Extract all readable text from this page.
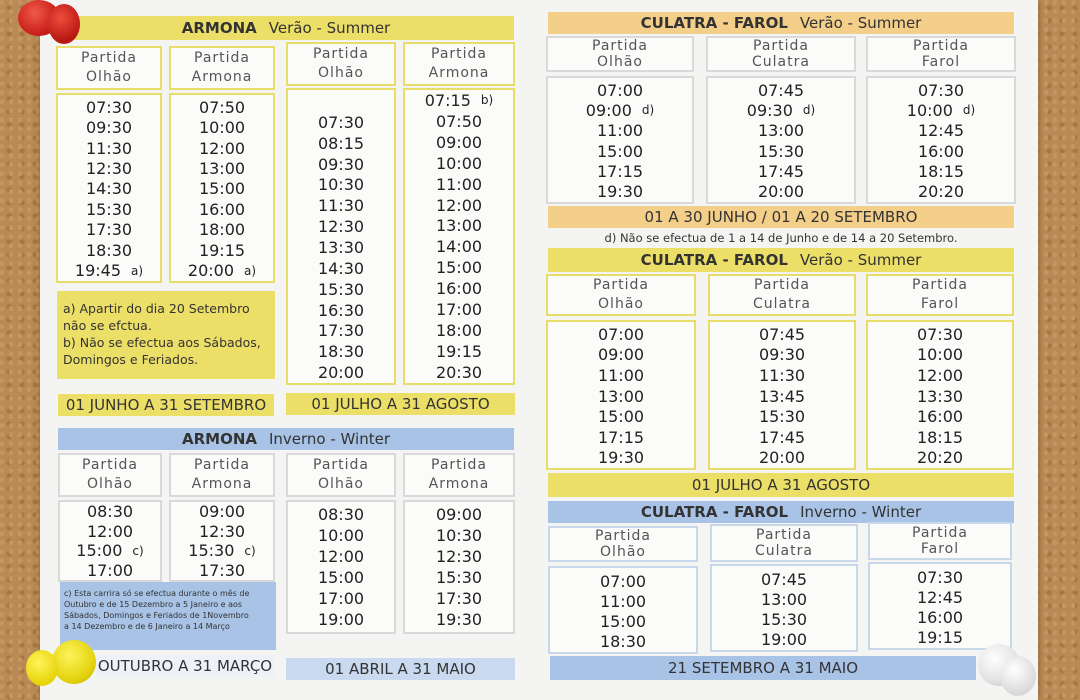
ARMONA Verão - Summer
Partida
Olhão
Partida
Armona
07:30
09:30
11:30
12:30
14:30
15:30
17:30
18:30
19:45 a)
07:50
10:00
12:00
13:00
15:00
16:00
18:00
19:15
20:00 a)
Partida
Olhão
Partida
Armona
07:30
08:15
09:30
10:30
11:30
12:30
13:30
14:30
15:30
16:30
17:30
18:30
20:00
07:15 b)
07:50
09:00
10:00
11:00
12:00
13:00
14:00
15:00
16:00
17:00
18:00
19:15
20:30
a) Apartir do dia 20 Setembro
não se efctua.
b) Não se efectua aos Sábados,
Domingos e Feriados.
01 JUNHO A 31 SETEMBRO	01 JULHO A 31 AGOSTO
ARMONA Inverno - Winter
Partida
Olhão
Partida
Armona
08:30
12:00
15:00 c)
17:00
09:00
12:30
15:30 c)
17:30
Partida
Olhão
Partida
Armona
08:30
10:00
12:00
15:00
17:00
19:00
09:00
10:30
12:30
15:30
17:30
19:30
c) Esta carrira só se efectua durante o mês de
Outubro e de 15 Dezembro a 5 Janeiro e aos
Sábados, Domingos e Feriados de 1Novembro
a 14 Dezembro e de 6 Janeiro a 14 Março
OUTUBRO A 31 MARÇO	01 ABRIL A 31 MAIO
CULATRA - FAROL Verão - Summer
Partida
Olhão
Partida
Culatra
Partida
Farol
07:00
09:00 d)
11:00
15:00
17:15
19:30
07:45
09:30 d)
13:00
15:30
17:45
20:00
07:30
10:00 d)
12:45
16:00
18:15
20:20
01 A 30 JUNHO / 01 A 20 SETEMBRO
d) Não se efectua de 1 a 14 de Junho e de 14 a 20 Setembro.
CULATRA - FAROL Verão - Summer
Partida
Olhão
Partida
Culatra
Partida
Farol
07:00
09:00
11:00
13:00
15:00
17:15
19:30
07:45
09:30
11:30
13:45
15:30
17:45
20:00
07:30
10:00
12:00
13:30
16:00
18:15
20:20
01 JULHO A 31 AGOSTO
CULATRA - FAROL Inverno - Winter
Partida
Olhão
Partida
Culatra
Partida
Farol
07:00
11:00
15:00
18:30
07:45
13:00
15:30
19:00
07:30
12:45
16:00
19:15
21 SETEMBRO A 31 MAIO
